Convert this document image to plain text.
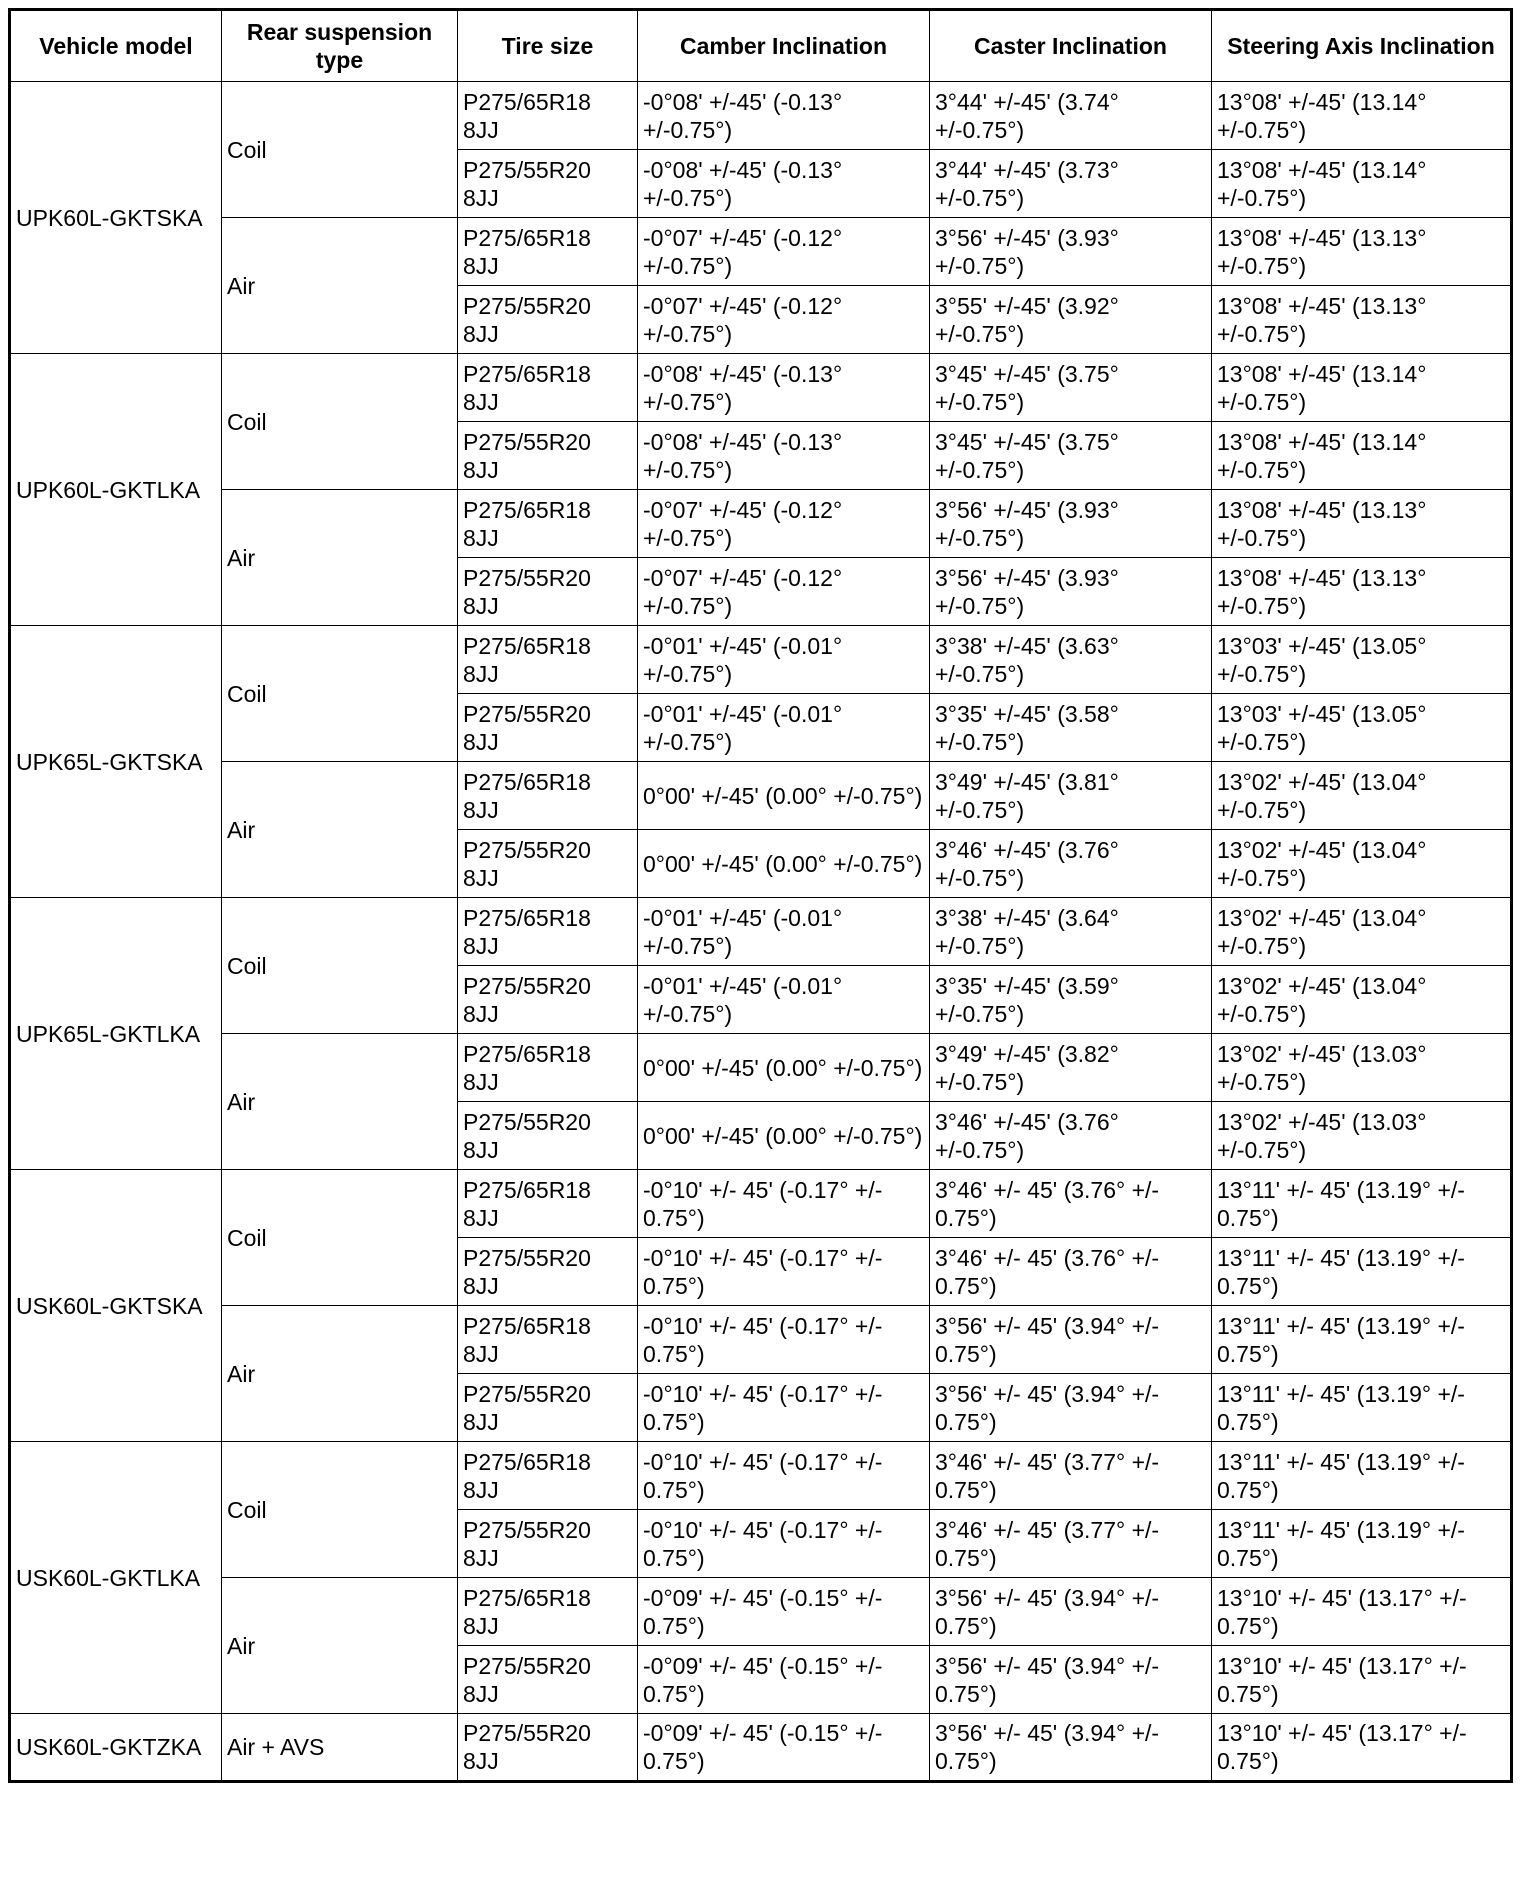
Vehicle model	Rear suspension type	Tire size	Camber Inclination	Caster Inclination	Steering Axis Inclination
UPK60L-GKTSKA	Coil	P275/65R18 8JJ	-0°08' +/-45' (-0.13° +/-0.75°)	3°44' +/-45' (3.74° +/-0.75°)	13°08' +/-45' (13.14° +/-0.75°)
		P275/55R20 8JJ	-0°08' +/-45' (-0.13° +/-0.75°)	3°44' +/-45' (3.73° +/-0.75°)	13°08' +/-45' (13.14° +/-0.75°)
	Air	P275/65R18 8JJ	-0°07' +/-45' (-0.12° +/-0.75°)	3°56' +/-45' (3.93° +/-0.75°)	13°08' +/-45' (13.13° +/-0.75°)
		P275/55R20 8JJ	-0°07' +/-45' (-0.12° +/-0.75°)	3°55' +/-45' (3.92° +/-0.75°)	13°08' +/-45' (13.13° +/-0.75°)
UPK60L-GKTLKA	Coil	P275/65R18 8JJ	-0°08' +/-45' (-0.13° +/-0.75°)	3°45' +/-45' (3.75° +/-0.75°)	13°08' +/-45' (13.14° +/-0.75°)
		P275/55R20 8JJ	-0°08' +/-45' (-0.13° +/-0.75°)	3°45' +/-45' (3.75° +/-0.75°)	13°08' +/-45' (13.14° +/-0.75°)
	Air	P275/65R18 8JJ	-0°07' +/-45' (-0.12° +/-0.75°)	3°56' +/-45' (3.93° +/-0.75°)	13°08' +/-45' (13.13° +/-0.75°)
		P275/55R20 8JJ	-0°07' +/-45' (-0.12° +/-0.75°)	3°56' +/-45' (3.93° +/-0.75°)	13°08' +/-45' (13.13° +/-0.75°)
UPK65L-GKTSKA	Coil	P275/65R18 8JJ	-0°01' +/-45' (-0.01° +/-0.75°)	3°38' +/-45' (3.63° +/-0.75°)	13°03' +/-45' (13.05° +/-0.75°)
		P275/55R20 8JJ	-0°01' +/-45' (-0.01° +/-0.75°)	3°35' +/-45' (3.58° +/-0.75°)	13°03' +/-45' (13.05° +/-0.75°)
	Air	P275/65R18 8JJ	0°00' +/-45' (0.00° +/-0.75°)	3°49' +/-45' (3.81° +/-0.75°)	13°02' +/-45' (13.04° +/-0.75°)
		P275/55R20 8JJ	0°00' +/-45' (0.00° +/-0.75°)	3°46' +/-45' (3.76° +/-0.75°)	13°02' +/-45' (13.04° +/-0.75°)
UPK65L-GKTLKA	Coil	P275/65R18 8JJ	-0°01' +/-45' (-0.01° +/-0.75°)	3°38' +/-45' (3.64° +/-0.75°)	13°02' +/-45' (13.04° +/-0.75°)
		P275/55R20 8JJ	-0°01' +/-45' (-0.01° +/-0.75°)	3°35' +/-45' (3.59° +/-0.75°)	13°02' +/-45' (13.04° +/-0.75°)
	Air	P275/65R18 8JJ	0°00' +/-45' (0.00° +/-0.75°)	3°49' +/-45' (3.82° +/-0.75°)	13°02' +/-45' (13.03° +/-0.75°)
		P275/55R20 8JJ	0°00' +/-45' (0.00° +/-0.75°)	3°46' +/-45' (3.76° +/-0.75°)	13°02' +/-45' (13.03° +/-0.75°)
USK60L-GKTSKA	Coil	P275/65R18 8JJ	-0°10' +/- 45' (-0.17° +/- 0.75°)	3°46' +/- 45' (3.76° +/- 0.75°)	13°11' +/- 45' (13.19° +/- 0.75°)
		P275/55R20 8JJ	-0°10' +/- 45' (-0.17° +/- 0.75°)	3°46' +/- 45' (3.76° +/- 0.75°)	13°11' +/- 45' (13.19° +/- 0.75°)
	Air	P275/65R18 8JJ	-0°10' +/- 45' (-0.17° +/- 0.75°)	3°56' +/- 45' (3.94° +/- 0.75°)	13°11' +/- 45' (13.19° +/- 0.75°)
		P275/55R20 8JJ	-0°10' +/- 45' (-0.17° +/- 0.75°)	3°56' +/- 45' (3.94° +/- 0.75°)	13°11' +/- 45' (13.19° +/- 0.75°)
USK60L-GKTLKA	Coil	P275/65R18 8JJ	-0°10' +/- 45' (-0.17° +/- 0.75°)	3°46' +/- 45' (3.77° +/- 0.75°)	13°11' +/- 45' (13.19° +/- 0.75°)
		P275/55R20 8JJ	-0°10' +/- 45' (-0.17° +/- 0.75°)	3°46' +/- 45' (3.77° +/- 0.75°)	13°11' +/- 45' (13.19° +/- 0.75°)
	Air	P275/65R18 8JJ	-0°09' +/- 45' (-0.15° +/- 0.75°)	3°56' +/- 45' (3.94° +/- 0.75°)	13°10' +/- 45' (13.17° +/- 0.75°)
		P275/55R20 8JJ	-0°09' +/- 45' (-0.15° +/- 0.75°)	3°56' +/- 45' (3.94° +/- 0.75°)	13°10' +/- 45' (13.17° +/- 0.75°)
USK60L-GKTZKA	Air + AVS	P275/55R20 8JJ	-0°09' +/- 45' (-0.15° +/- 0.75°)	3°56' +/- 45' (3.94° +/- 0.75°)	13°10' +/- 45' (13.17° +/- 0.75°)
